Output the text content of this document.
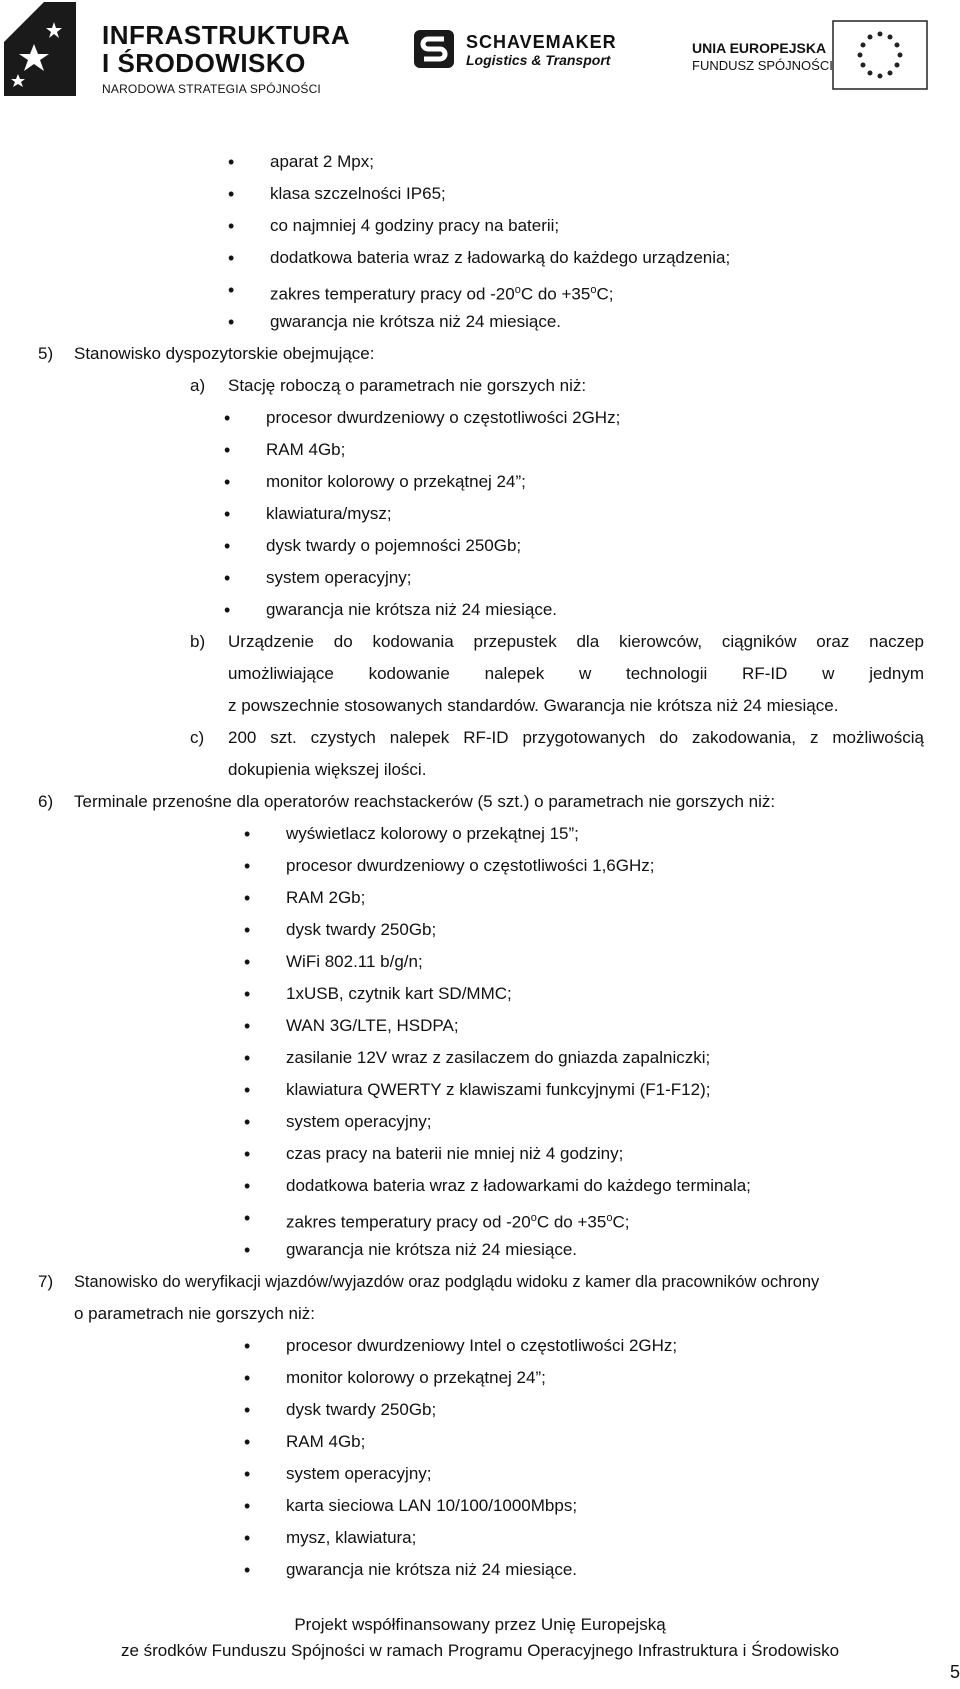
INFRASTRUKTURA
I ŚRODOWISKO
NARODOWA STRATEGIA SPÓJNOŚCI
SCHAVEMAKER
Logistics & Transport
UNIA EUROPEJSKA
FUNDUSZ SPÓJNOŚCI
• aparat 2 Mpx;
• klasa szczelności IP65;
• co najmniej 4 godziny pracy na baterii;
• dodatkowa bateria wraz z ładowarką do każdego urządzenia;
• zakres temperatury pracy od -20$^o$C do $+35^oC$;
• gwarancja nie krótsza niż 24 miesiące.
5) Stanowisko dyspozytorskie obejmujące:
a) Stację roboczą o parametrach nie gorszych niż:
• procesor dwurdzeniowy o częstotliwości 2GHz;
• RAM 4Gb;
• monitor kolorowy o przekątnej 24”;
• klawiatura/mysz;
• dysk twardy o pojemności 250Gb;
• system operacyjny;
• gwarancja nie krótsza niż 24 miesiące.
b) Urządzenie do kodowania przepustek dla kierowców, ciągników oraz naczep
umożliwiające kodowanie nalepek w technologii RF-ID w jednym
z powszechnie stosowanych standardów. Gwarancja nie krótsza niż 24 miesiące.
c) 200 szt. czystych nalepek RF-ID przygotowanych do zakodowania, z możliwością
dokupienia większej ilości.
6) Terminale przenośne dla operatorów reachstackerów (5 szt.) o parametrach nie gorszych niż:
• wyświetlacz kolorowy o przekątnej 15”;
• procesor dwurdzeniowy o częstotliwości 1,6GHz;
• RAM 2Gb;
• dysk twardy 250Gb;
• WiFi 802.11 b/g/n;
• 1xUSB, czytnik kart SD/MMC;
• WAN 3G/LTE, HSDPA;
• zasilanie 12V wraz z zasilaczem do gniazda zapalniczki;
• klawiatura QWERTY z klawiszami funkcyjnymi (F1-F12);
• system operacyjny;
• czas pracy na baterii nie mniej niż 4 godziny;
• dodatkowa bateria wraz z ładowarkami do każdego terminala;
• zakres temperatury pracy od -20$^o$C do $+35^oC$;
• gwarancja nie krótsza niż 24 miesiące.
7) Stanowisko do weryfikacji wjazdów/wyjazdów oraz podglądu widoku z kamer dla pracowników ochrony
o parametrach nie gorszych niż:
• procesor dwurdzeniowy Intel o częstotliwości 2GHz;
• monitor kolorowy o przekątnej 24”;
• dysk twardy 250Gb;
• RAM 4Gb;
• system operacyjny;
• karta sieciowa LAN 10/100/1000Mbps;
• mysz, klawiatura;
• gwarancja nie krótsza niż 24 miesiące.
Projekt współfinansowany przez Unię Europejską
ze środków Funduszu Spójności w ramach Programu Operacyjnego Infrastruktura i Środowisko
5
